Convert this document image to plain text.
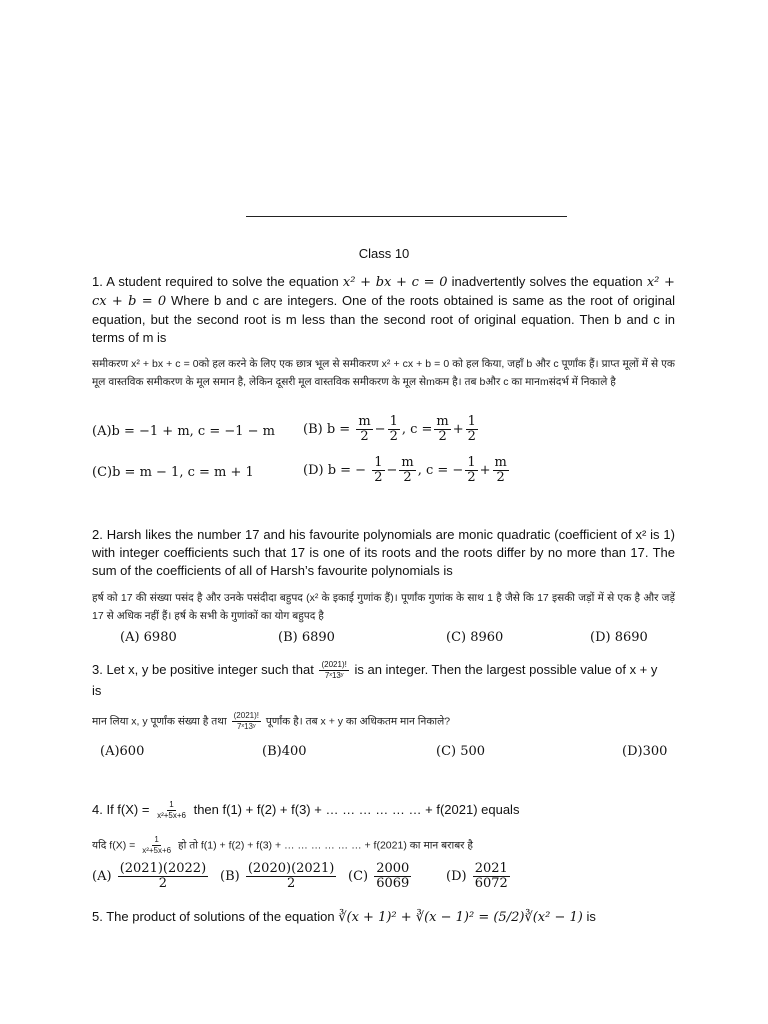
Class 10
1. A student required to solve the equation x² + bx + c = 0 inadvertently solves the equation x² + cx + b = 0 Where b and c are integers. One of the roots obtained is same as the root of original equation, but the second root is m less than the second root of original equation. Then b and c in terms of m is
समीकरण x² + bx + c = 0को हल करने के लिए एक छात्र भूल से समीकरण x² + cx + b = 0 को हल किया, जहाँ b और c पूर्णांक हैं। प्राप्त मूलों में से एक मूल वास्तविक समीकरण के मूल समान है, लेकिन दूसरी मूल वास्तविक समीकरण के मूल सेmकम है। तब bऔर c का मानmसंदर्भ में निकाले है
(A)b = −1 + m, c = −1 − m (B) $b = \frac{m}{2} - \frac{1}{2}$ , $c = \frac{m}{2} + \frac{1}{2}$
(C)b = m − 1, c = m + 1	(D) b = − $\frac{1}{2} - \frac{m}{2}$ , c = − $\frac{1}{2} + \frac{m}{2}$
2. Harsh likes the number 17 and his favourite polynomials are monic quadratic (coefficient of x² is 1) with integer coefficients such that 17 is one of its roots and the roots differ by no more than 17. The sum of the coefficients of all of Harsh’s favourite polynomials is
हर्ष को 17 की संख्या पसंद है और उनके पसंदीदा बहुपद (x² के इकाई गुणांक हैं)। पूर्णांक गुणांक के साथ 1 है जैसे कि 17 इसकी जड़ों में से एक है और जड़ें 17 से अधिक नहीं हैं। हर्ष के सभी के गुणांकों का योग बहुपद है
(A) 6980	(B) 6890	(C) 8960	(D) 8690
3. Let x, y be positive integer such that $\frac{(2021)!}{\text{7ˣ13ʸ}}$ is an integer. Then the largest possible value of x + y
is
मान लिया x, y पूर्णांक संख्या है तथा $\frac{(2021)!}{\text{7ˣ13ʸ}}$ पूर्णांक है। तब x + y का अधिकतम मान निकाले?
(A)600	(B)400	(C) 500	(D)300
4. If $f(X) = \frac{1}{\text{x²+5x+6}}$ then f(1) + f(2) + f(3) + … … … … … … + f(2021) equals
यदि $f(X) = \frac{1}{\text{x²+5x+6}}$ हो तो f(1) + f(2) + f(3) + … … … … … … + f(2021) का मान बराबर है
$(A) \frac{(2021)(2022)}{2} (B) \frac{(2020)(2021)}{2} (C) \frac{2000}{6069}$	$(D) \frac{2021}{6072}$
5. The product of solutions of the equation ∛(x + 1)² + ∛(x − 1)² = (5/2)∛(x² − 1) is
